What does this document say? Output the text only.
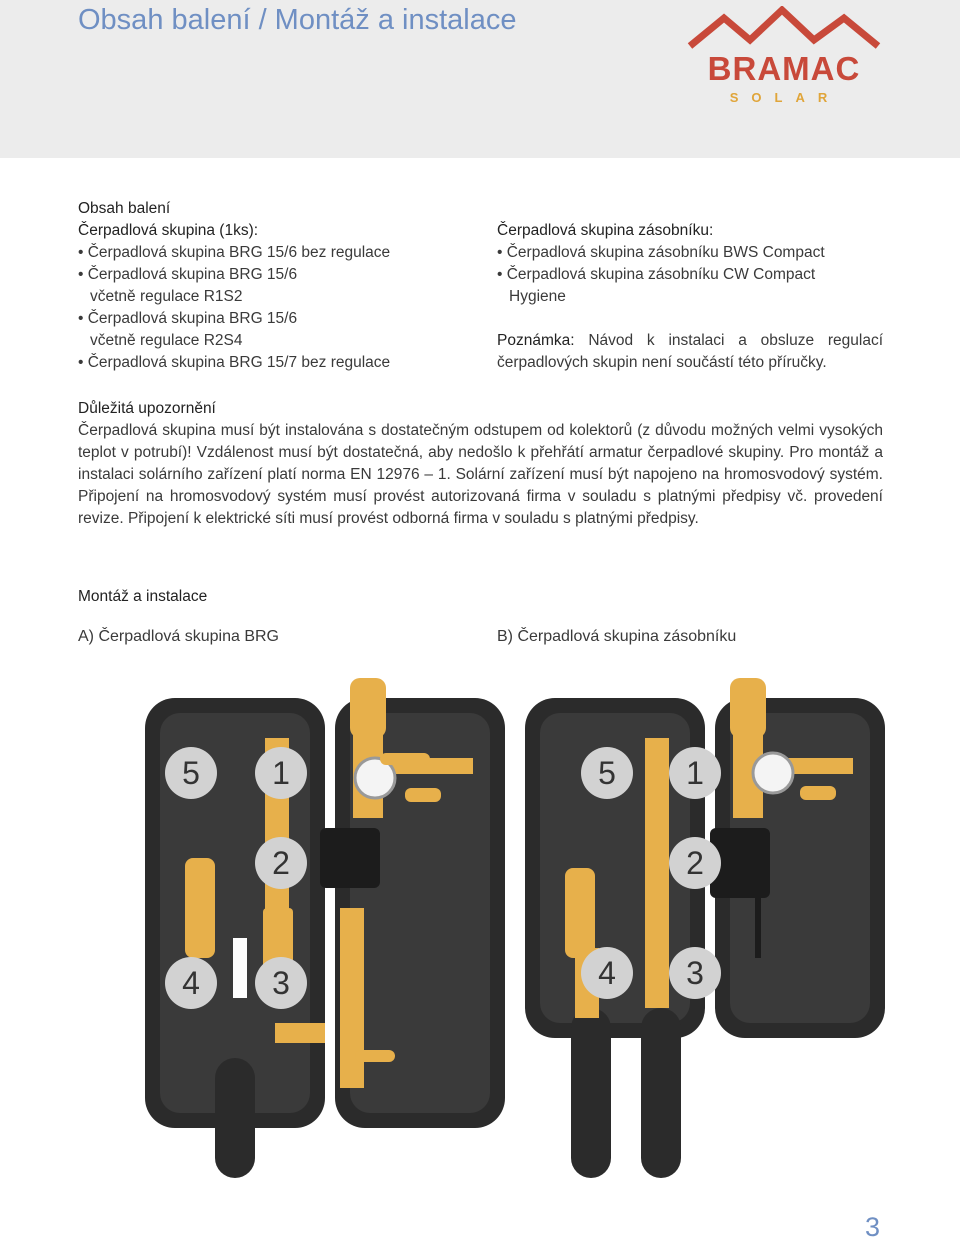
Obsah balení / Montáž a instalace
BRAMAC
SOLAR

Obsah balení

Čerpadlová skupina (1ks):

• Čerpadlová skupina BRG 15/6 bez regulace

• Čerpadlová skupina BRG 15/6

včetně regulace R1S2

• Čerpadlová skupina BRG 15/6

včetně regulace R2S4

• Čerpadlová skupina BRG 15/7 bez regulace

Čerpadlová skupina zásobníku:

• Čerpadlová skupina zásobníku BWS Compact

• Čerpadlová skupina zásobníku CW Compact

Hygiene

Poznámka: Návod k instalaci a obsluze regulací čerpadlových skupin není součástí této příručky.

Důležitá upozornění

Čerpadlová skupina musí být instalována s dostatečným odstupem od kolektorů (z důvodu možných velmi vysokých teplot v potrubí)! Vzdálenost musí být dostatečná, aby nedošlo k přehřátí armatur čerpadlové skupiny. Pro montáž a instalaci solárního zařízení platí norma EN 12976 – 1. Solární zařízení musí být napojeno na hromosvodový systém. Připojení na hromosvodový systém musí provést autorizovaná firma v souladu s platnými předpisy vč. provedení revize. Připojení k elektrické síti musí provést odborná firma v souladu s platnými předpisy.

Montáž a instalace
A) Čerpadlová skupina BRG	B) Čerpadlová skupina zásobníku
5 1
2
4 3
5 1
2
4 3
3
